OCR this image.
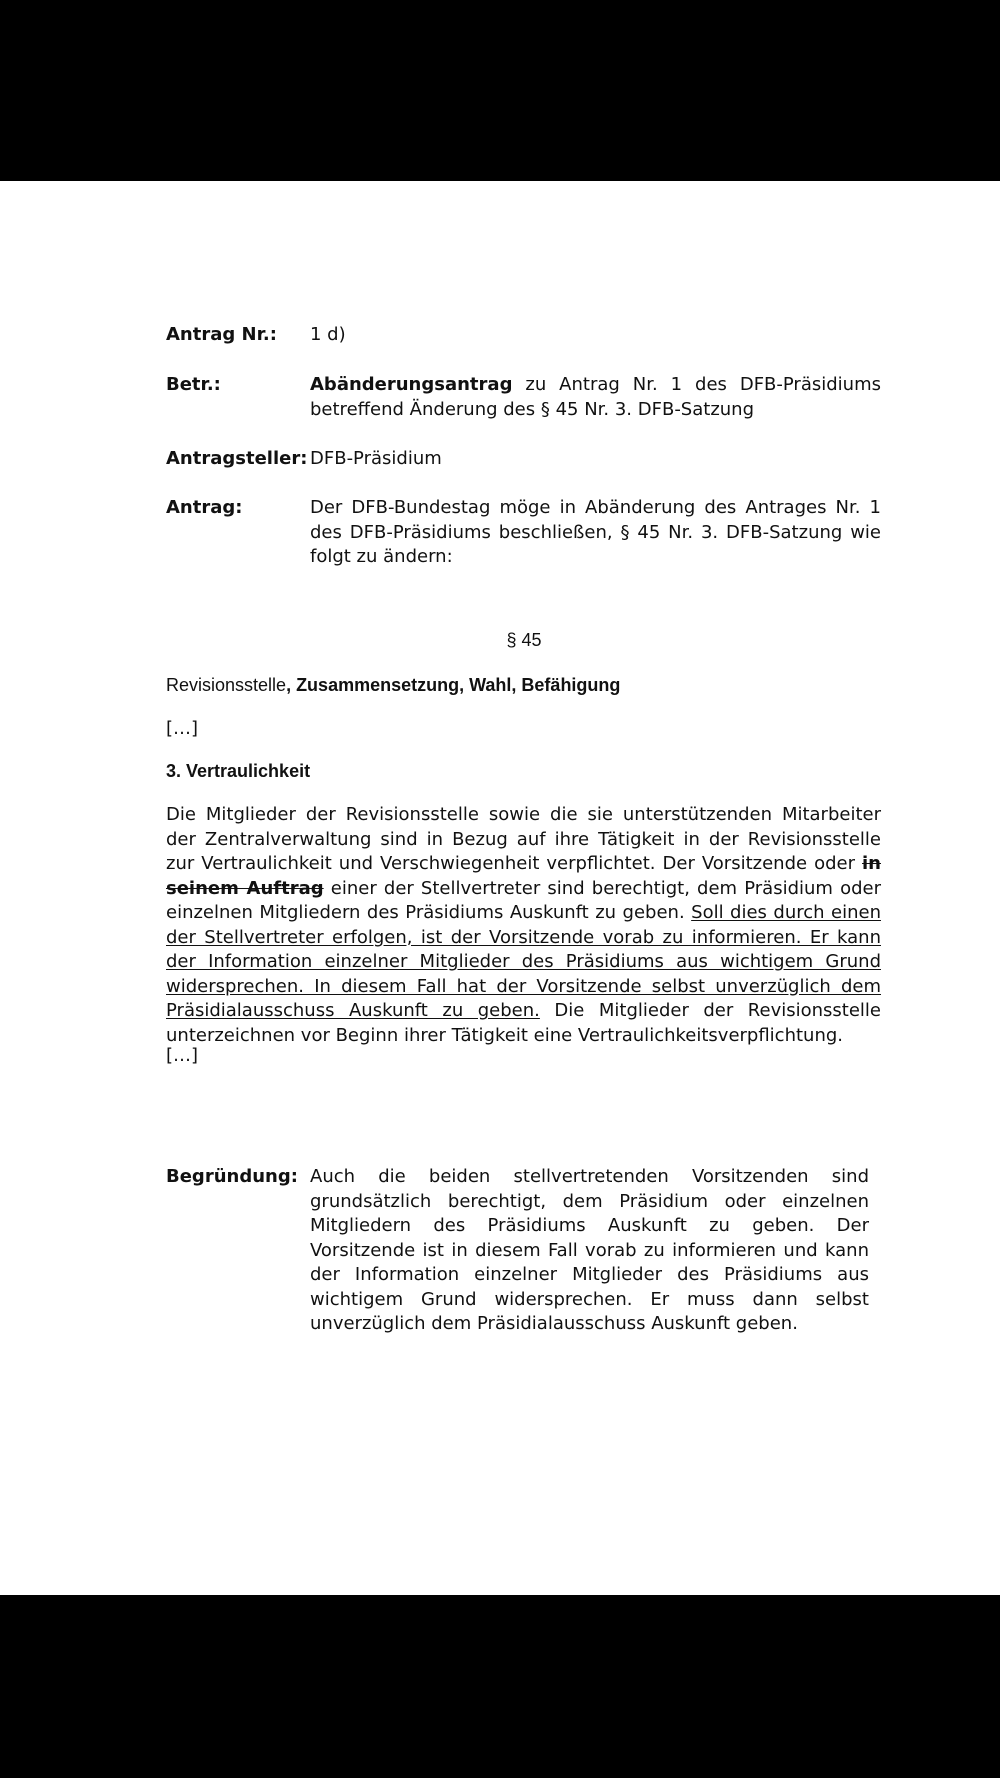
Antrag Nr.: 1 d)
Betr.:	Abänderungsantrag zu Antrag Nr. 1 des DFB-Präsidiums betreffend Änderung des § 45 Nr. 3. DFB-Satzung
Antragsteller: DFB-Präsidium
Antrag:	Der DFB-Bundestag möge in Abänderung des Antrages Nr. 1 des DFB-Präsidiums beschließen, § 45 Nr. 3. DFB-Satzung wie folgt zu ändern:
§ 45
Revisionsstelle, Zusammensetzung, Wahl, Befähigung
[…]
3. Vertraulichkeit
Die Mitglieder der Revisionsstelle sowie die sie unterstützenden Mitarbeiter der Zentralverwaltung sind in Bezug auf ihre Tätigkeit in der Revisionsstelle zur Vertraulichkeit und Verschwiegenheit verpflichtet. Der Vorsitzende oder in seinem Auftrag einer der Stellvertreter sind berechtigt, dem Präsidium oder einzelnen Mitgliedern des Präsidiums Auskunft zu geben. Soll dies durch einen der Stellvertreter erfolgen, ist der Vorsitzende vorab zu informieren. Er kann der Information einzelner Mitglieder des Präsidiums aus wichtigem Grund widersprechen. In diesem Fall hat der Vorsitzende selbst unverzüglich dem Präsidialausschuss Auskunft zu geben. Die Mitglieder der Revisionsstelle unterzeichnen vor Beginn ihrer Tätigkeit eine Vertraulichkeitsverpflichtung.
[…]
Begründung: Auch die beiden stellvertretenden Vorsitzenden sind grundsätzlich berechtigt, dem Präsidium oder einzelnen Mitgliedern des Präsidiums Auskunft zu geben. Der Vorsitzende ist in diesem Fall vorab zu informieren und kann der Information einzelner Mitglieder des Präsidiums aus wichtigem Grund widersprechen. Er muss dann selbst unverzüglich dem Präsidialausschuss Auskunft geben.
